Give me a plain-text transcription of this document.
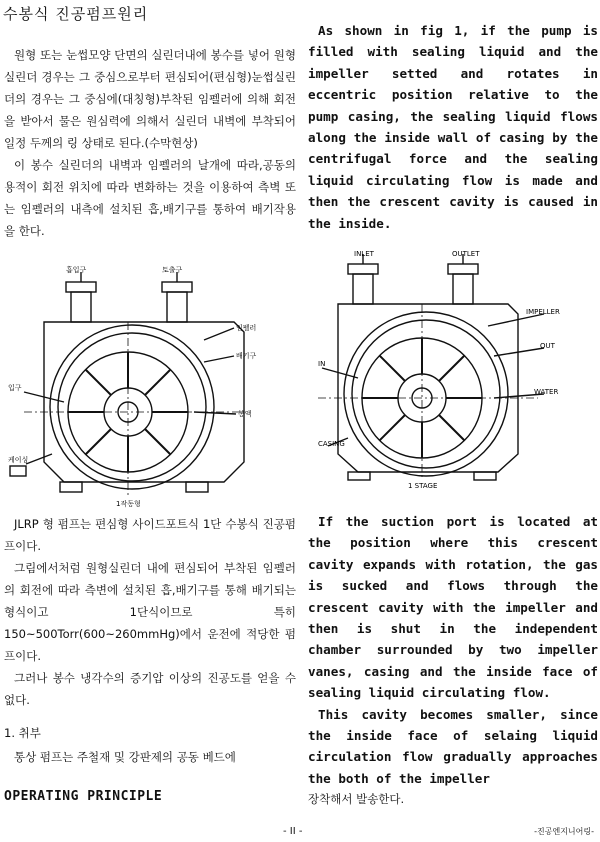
수봉식 진공펌프원리

원형 또는 눈썹모양 단면의 실린더내에 봉수를 넣어 원형실린더 경우는 그 중심으로부터 편심되어(편심형)눈썹실린더의 경우는 그 중심에(대칭형)부착된 임펠러에 의해 회전을 받아서 물은 원심력에 의해서 실린더 내벽에 부착되어 일정 두께의 링 상태로 된다.(수막현상)

이 봉수 실린더의 내벽과 임펠러의 날개에 따라,공동의 용적이 회전 위치에 따라 변화하는 것을 이용하여 측벽 또는 임펠러의 내측에 설치된 흡,배기구를 통하여 배기작용을 한다.

흡입구	토출구
임펠러
배기구
입구
봉액
케이싱
1작동형

JLRP 형 펌프는 편심형 사이드포트식 1단 수봉식 진공펌프이다.

그림에서처럼 원형실린더 내에 편심되어 부착된 임펠러의 회전에 따라 측변에 설치된 흡,배기구를 통해 배기되는 형식이고 1단식이므로 특히 150~500Torr(600~260mmHg)에서 운전에 적당한 펌프이다.

그러나 봉수 냉각수의 증기압 이상의 진공도를 얻을 수 없다.

1. 취부
통상 펌프는 주철재 및 강판제의 공동 베드에
OPERATING PRINCIPLE

As shown in fig 1, if the pump is filled with sealing liquid and the impeller setted and rotates in eccentric position relative to the pump casing, the sealing liquid flows along the inside wall of casing by the centrifugal force and the sealing liquid circulating flow is made and then the crescent cavity is caused in the inside.

INLET	OUTLET
IMPELLER
OUT
IN
WATER
CASING
1 STAGE

If the suction port is located at the position where this crescent cavity expands with rotation, the gas is sucked and flows through the crescent cavity with the impeller and then is shut in the independent chamber surrounded by two impeller vanes, casing and the inside face of sealing liquid circulating flow.

This cavity becomes smaller, since the inside face of selaing liquid circulation flow gradually approaches the both of the impeller

장착해서 발송한다.

- II -	-진공엔지니어링-
